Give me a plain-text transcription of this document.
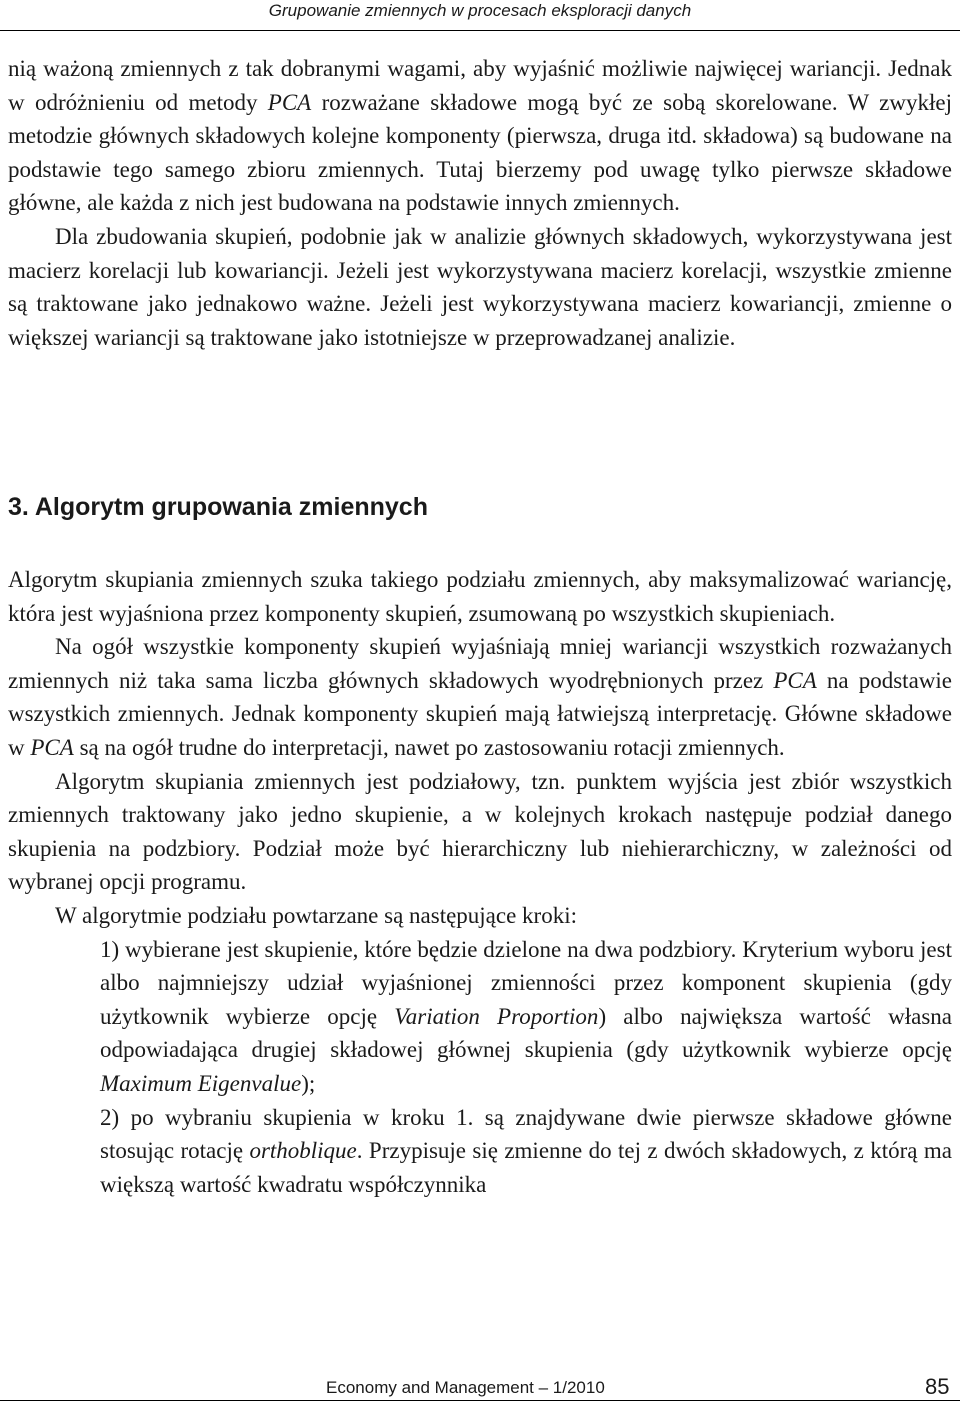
Grupowanie zmiennych w procesach eksploracji danych

nią ważoną zmiennych z tak dobranymi wagami, aby wyjaśnić możliwie najwięcej wariancji. Jednak w odróżnieniu od metody PCA rozważane składowe mogą być ze sobą skorelowane. W zwykłej metodzie głównych składowych kolejne komponenty (pierwsza, druga itd. składowa) są budowane na podstawie tego samego zbioru zmiennych. Tutaj bierzemy pod uwagę tylko pierwsze składowe główne, ale każda z nich jest budowana na podstawie innych zmiennych.

Dla zbudowania skupień, podobnie jak w analizie głównych składowych, wykorzystywana jest macierz korelacji lub kowariancji. Jeżeli jest wykorzystywana macierz korelacji, wszystkie zmienne są traktowane jako jednakowo ważne. Jeżeli jest wykorzystywana macierz kowariancji, zmienne o większej wariancji są traktowane jako istotniejsze w przeprowadzanej analizie.

3. Algorytm grupowania zmiennych

Algorytm skupiania zmiennych szuka takiego podziału zmiennych, aby maksymalizować wariancję, która jest wyjaśniona przez komponenty skupień, zsumowaną po wszystkich skupieniach.

Na ogół wszystkie komponenty skupień wyjaśniają mniej wariancji wszystkich rozważanych zmiennych niż taka sama liczba głównych składowych wyodrębnionych przez PCA na podstawie wszystkich zmiennych. Jednak komponenty skupień mają łatwiejszą interpretację. Główne składowe w PCA są na ogół trudne do interpretacji, nawet po zastosowaniu rotacji zmiennych.

Algorytm skupiania zmiennych jest podziałowy, tzn. punktem wyjścia jest zbiór wszystkich zmiennych traktowany jako jedno skupienie, a w kolejnych krokach następuje podział danego skupienia na podzbiory. Podział może być hierarchiczny lub niehierarchiczny, w zależności od wybranej opcji programu.

W algorytmie podziału powtarzane są następujące kroki:

1) wybierane jest skupienie, które będzie dzielone na dwa podzbiory. Kryterium wyboru jest albo najmniejszy udział wyjaśnionej zmienności przez komponent skupienia (gdy użytkownik wybierze opcję Variation Proportion) albo największa wartość własna odpowiadająca drugiej składowej głównej skupienia (gdy użytkownik wybierze opcję Maximum Eigenvalue);

2) po wybraniu skupienia w kroku 1. są znajdywane dwie pierwsze składowe główne stosując rotację orthoblique. Przypisuje się zmienne do tej z dwóch składowych, z którą ma większą wartość kwadratu współczynnika

Economy and Management – 1/2010	85
